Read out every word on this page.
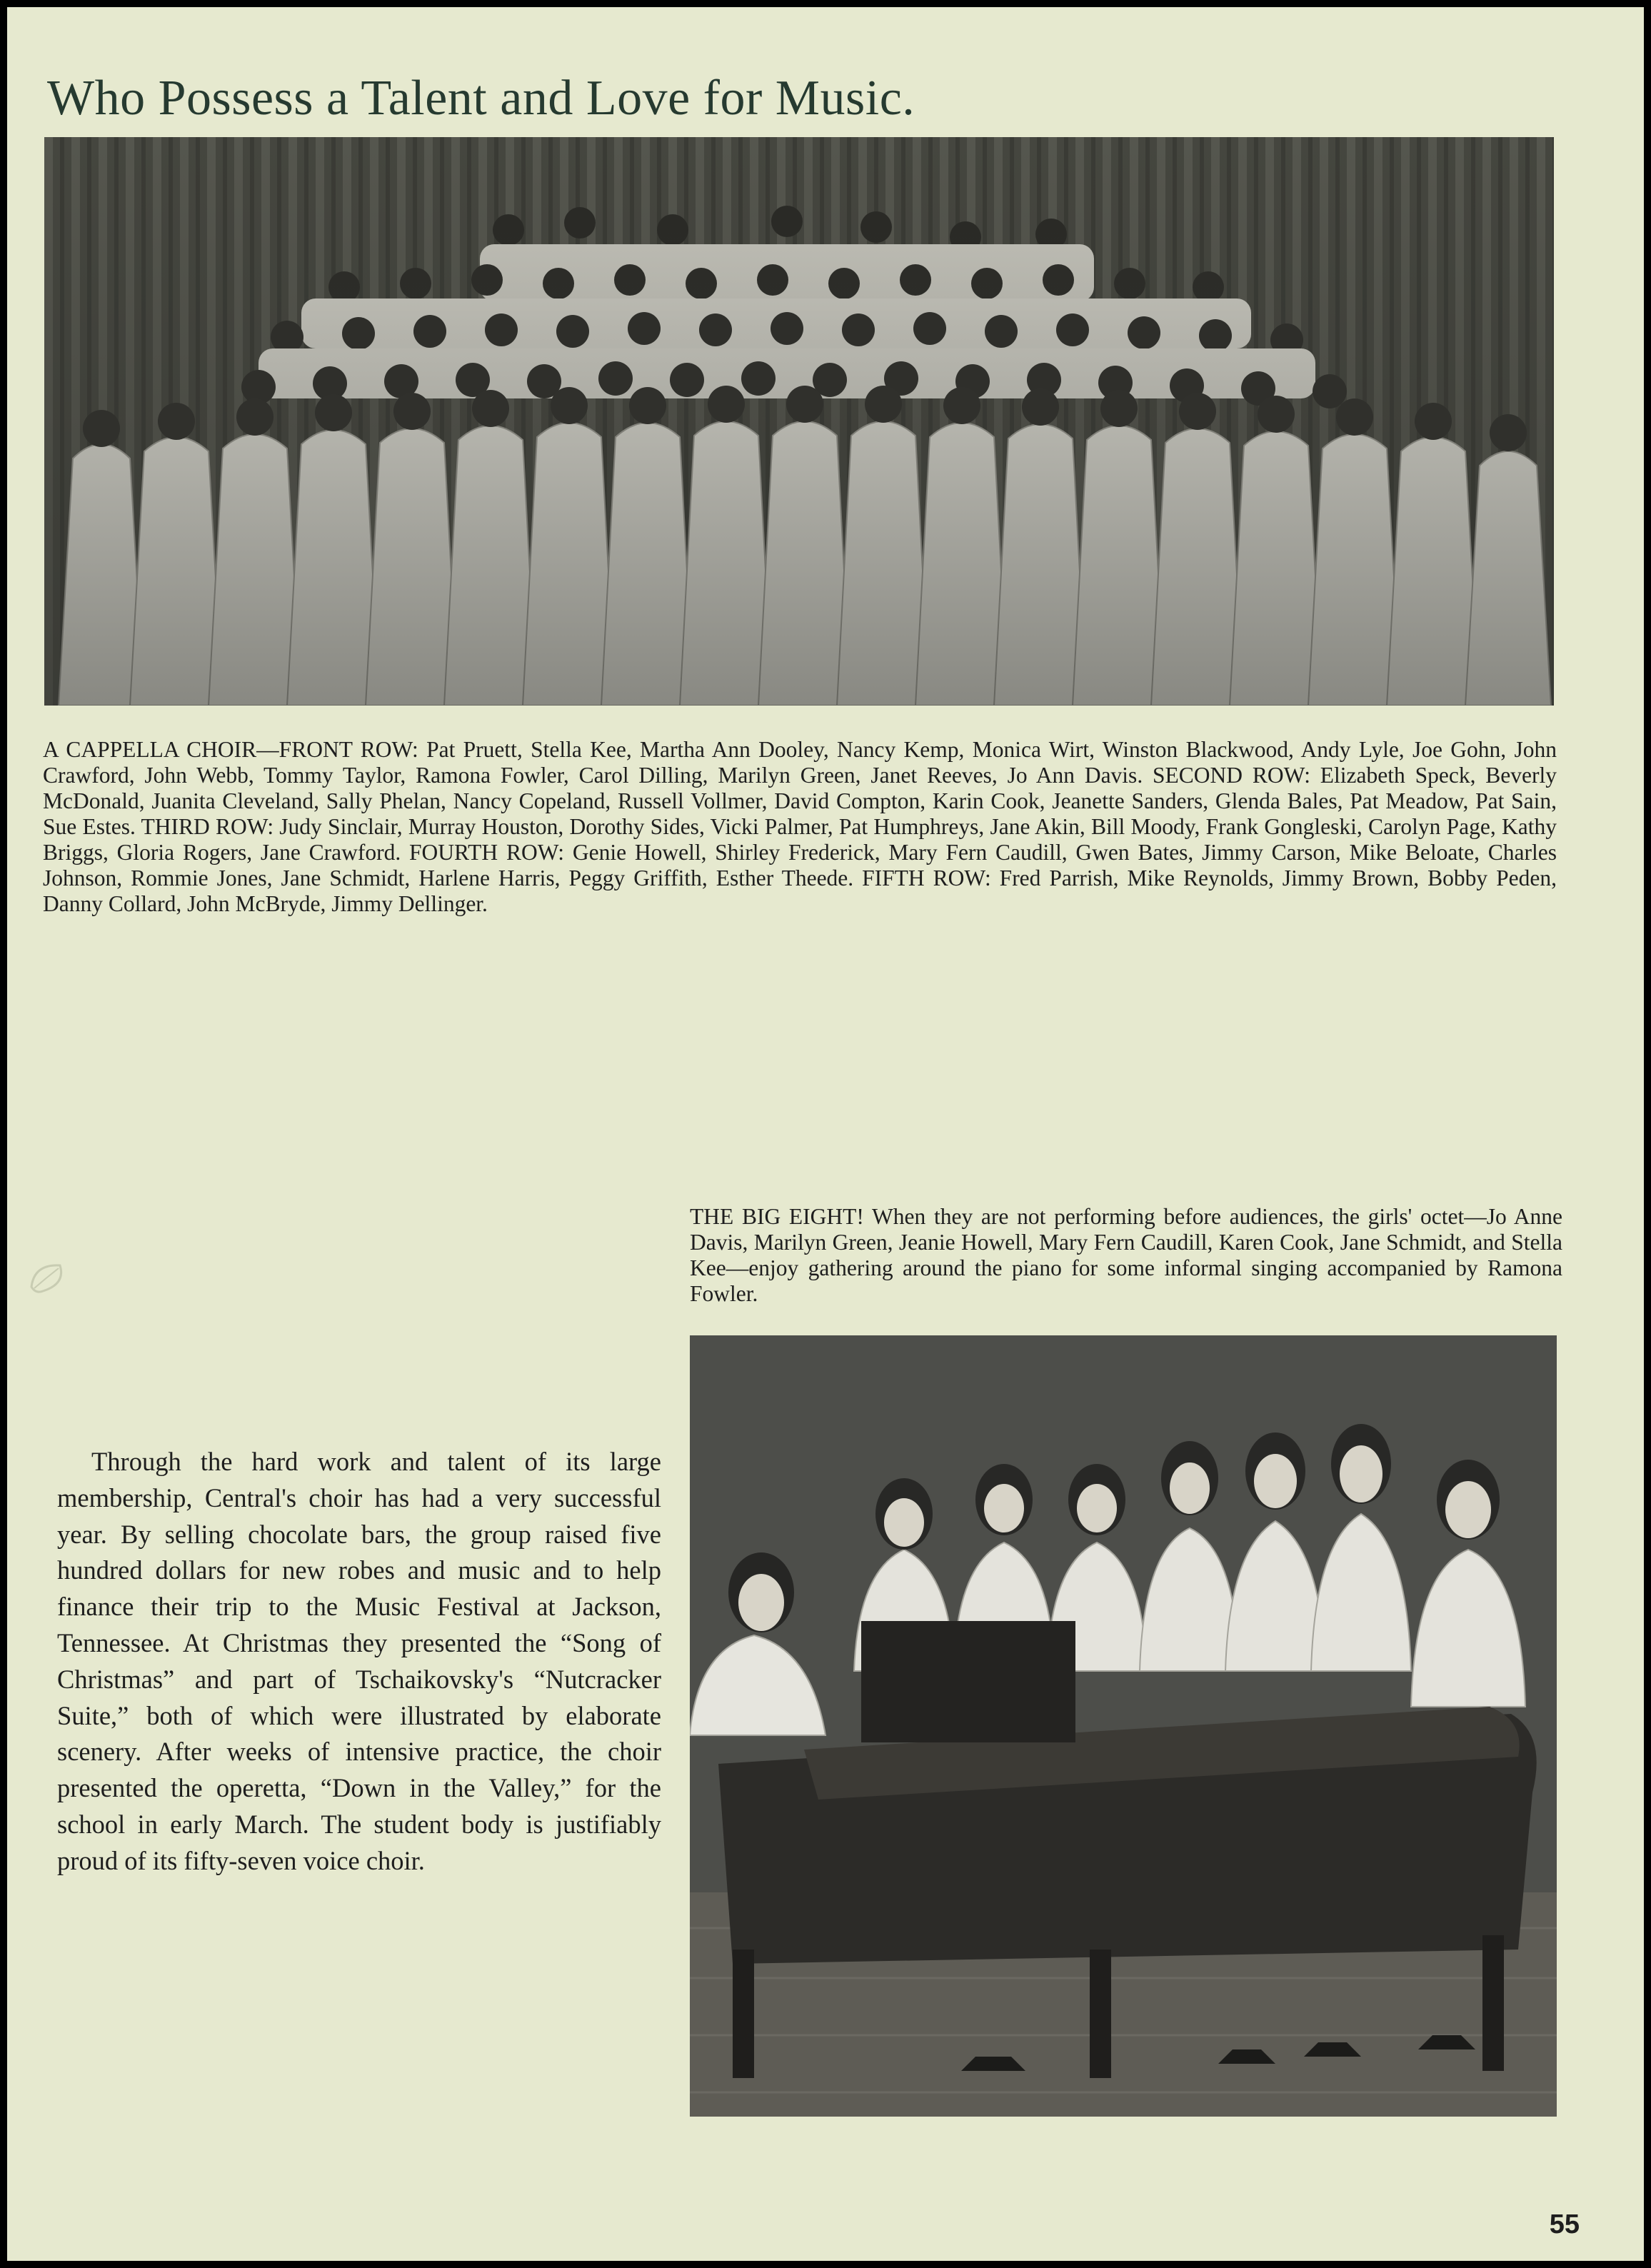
Who Possess a Talent and Love for Music.

A CAPPELLA CHOIR—FRONT ROW: Pat Pruett, Stella Kee, Martha Ann Dooley, Nancy Kemp, Monica Wirt, Winston Blackwood, Andy Lyle, Joe Gohn, John Crawford, John Webb, Tommy Taylor, Ramona Fowler, Carol Dilling, Marilyn Green, Janet Reeves, Jo Ann Davis. SECOND ROW: Elizabeth Speck, Beverly McDonald, Juanita Cleveland, Sally Phelan, Nancy Copeland, Russell Vollmer, David Compton, Karin Cook, Jeanette Sanders, Glenda Bales, Pat Meadow, Pat Sain, Sue Estes. THIRD ROW: Judy Sinclair, Murray Houston, Dorothy Sides, Vicki Palmer, Pat Humphreys, Jane Akin, Bill Moody, Frank Gongleski, Carolyn Page, Kathy Briggs, Gloria Rogers, Jane Crawford. FOURTH ROW: Genie Howell, Shirley Frederick, Mary Fern Caudill, Gwen Bates, Jimmy Carson, Mike Beloate, Charles Johnson, Rommie Jones, Jane Schmidt, Harlene Harris, Peggy Griffith, Esther Theede. FIFTH ROW: Fred Parrish, Mike Reynolds, Jimmy Brown, Bobby Peden, Danny Collard, John McBryde, Jimmy Dellinger.

THE BIG EIGHT! When they are not performing before audiences, the girls' octet—Jo Anne Davis, Marilyn Green, Jeanie Howell, Mary Fern Caudill, Karen Cook, Jane Schmidt, and Stella Kee—enjoy gathering around the piano for some informal singing accompanied by Ramona Fowler.

Through the hard work and talent of its large membership, Central's choir has had a very successful year. By selling chocolate bars, the group raised five hundred dollars for new robes and music and to help finance their trip to the Music Festival at Jackson, Tennessee. At Christmas they presented the “Song of Christmas” and part of Tschaikovsky's “Nutcracker Suite,” both of which were illustrated by elaborate scenery. After weeks of intensive practice, the choir presented the operetta, “Down in the Valley,” for the school in early March. The student body is justifiably proud of its fifty-seven voice choir.

55
